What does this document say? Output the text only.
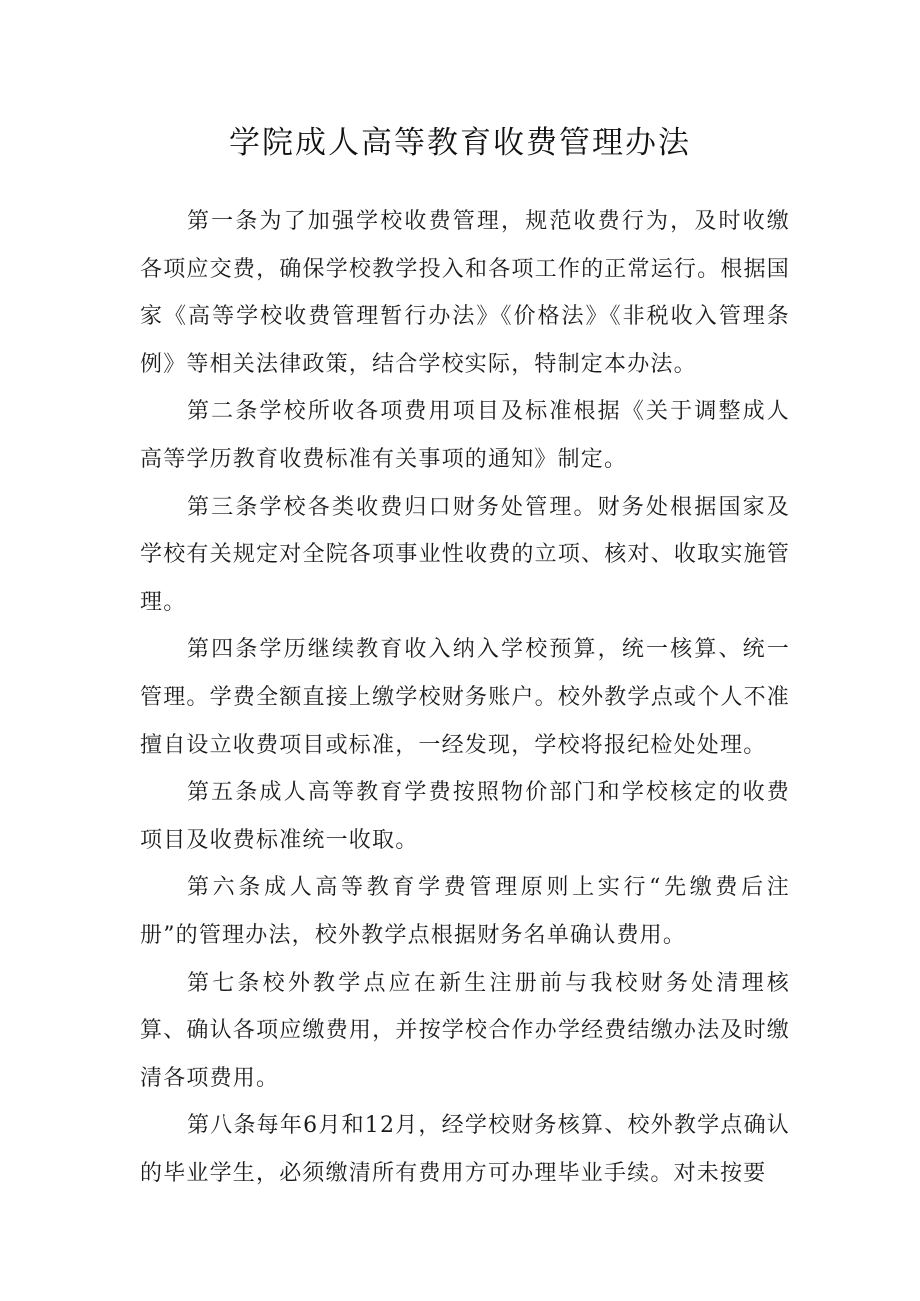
学院成人高等教育收费管理办法

第一条为了加强学校收费管理，规范收费行为，及时收缴各项应交费，确保学校教学投入和各项工作的正常运行。根据国家《高等学校收费管理暂行办法》《价格法》《非税收入管理条例》等相关法律政策，结合学校实际，特制定本办法。

第二条学校所收各项费用项目及标准根据《关于调整成人高等学历教育收费标准有关事项的通知》制定。

第三条学校各类收费归口财务处管理。财务处根据国家及学校有关规定对全院各项事业性收费的立项、核对、收取实施管理。

第四条学历继续教育收入纳入学校预算，统一核算、统一管理。学费全额直接上缴学校财务账户。校外教学点或个人不准擅自设立收费项目或标准，一经发现，学校将报纪检处处理。

第五条成人高等教育学费按照物价部门和学校核定的收费项目及收费标准统一收取。

第六条成人高等教育学费管理原则上实行“先缴费后注册”的管理办法，校外教学点根据财务名单确认费用。

第七条校外教学点应在新生注册前与我校财务处清理核算、确认各项应缴费用，并按学校合作办学经费结缴办法及时缴清各项费用。

第八条每年6月和12月，经学校财务核算、校外教学点确认的毕业学生，必须缴清所有费用方可办理毕业手续。对未按要
